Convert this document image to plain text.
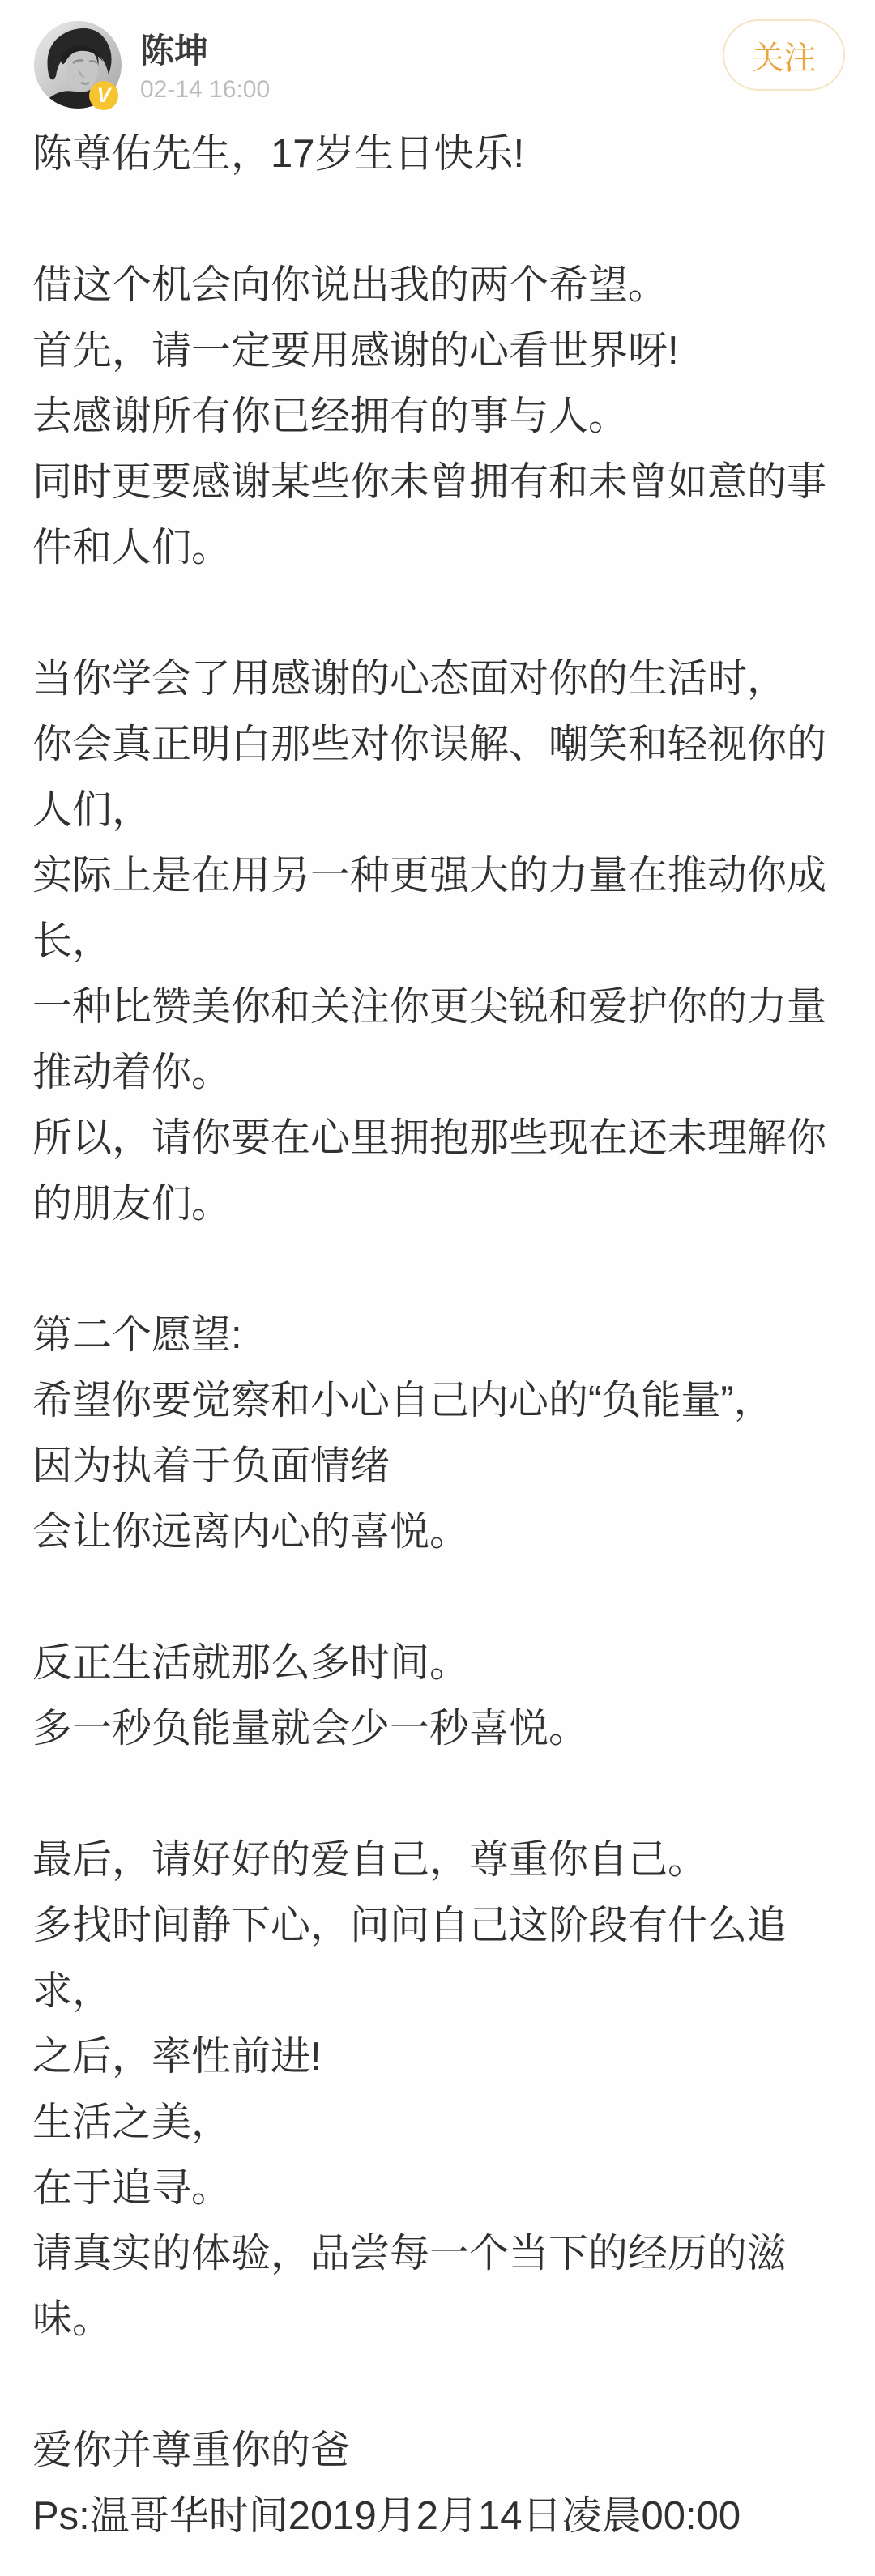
V
陈坤
02-14 16:00
关注
陈尊佑先生，17岁生日快乐!
借这个机会向你说出我的两个希望。
首先，请一定要用感谢的心看世界呀!
去感谢所有你已经拥有的事与人。
同时更要感谢某些你未曾拥有和未曾如意的事
件和人们。
当你学会了用感谢的心态面对你的生活时，
你会真正明白那些对你误解、嘲笑和轻视你的
人们，
实际上是在用另一种更强大的力量在推动你成
长，
一种比赞美你和关注你更尖锐和爱护你的力量
推动着你。
所以，请你要在心里拥抱那些现在还未理解你
的朋友们。
第二个愿望:
希望你要觉察和小心自己内心的“负能量”，
因为执着于负面情绪
会让你远离内心的喜悦。
反正生活就那么多时间。
多一秒负能量就会少一秒喜悦。
最后，请好好的爱自己，尊重你自己。
多找时间静下心，问问自己这阶段有什么追
求，
之后，率性前进!
生活之美，
在于追寻。
请真实的体验，品尝每一个当下的经历的滋
味。
爱你并尊重你的爸
Ps:温哥华时间2019月2月14日凌晨00:00
